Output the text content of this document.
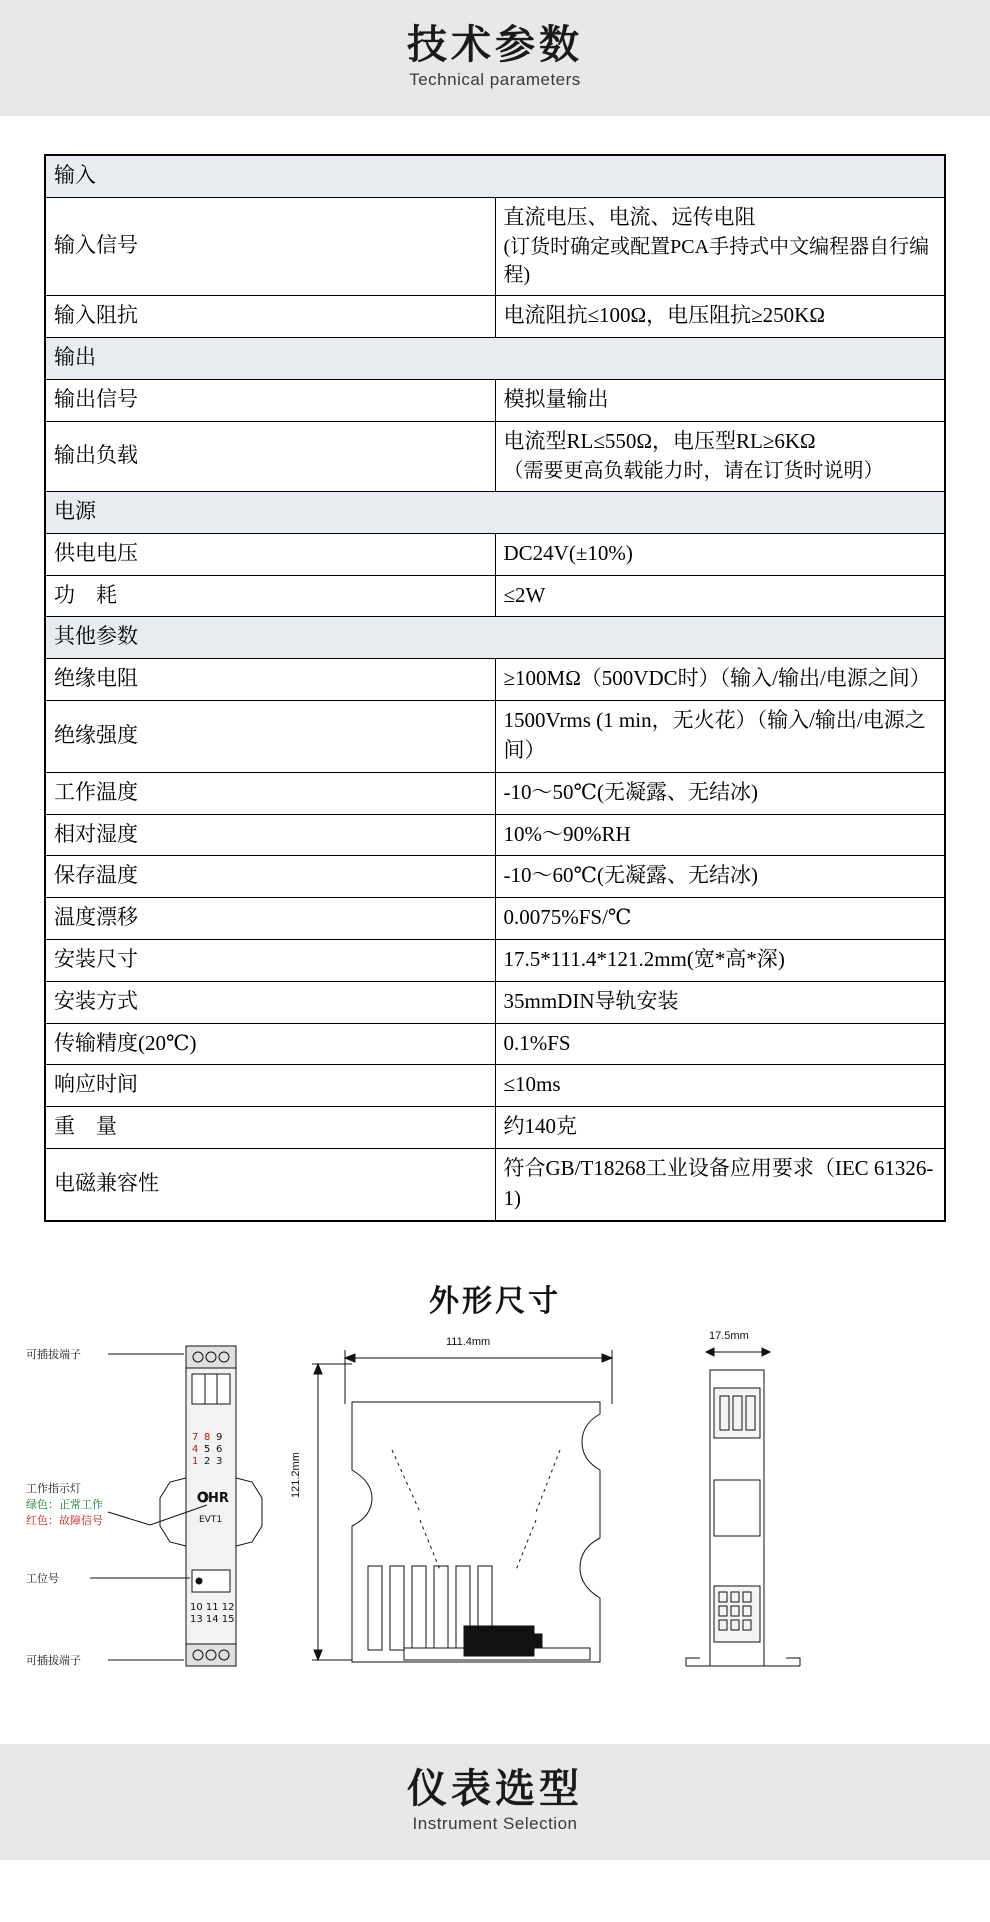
技术参数
Technical parameters
输入	
输入信号	直流电压、电流、远传电阻
(订货时确定或配置PCA手持式中文编程器自行编程)

输入阻抗	电流阻抗≤100Ω，电压阻抗≥250KΩ
输出	
输出信号	模拟量输出
输出负载	电流型RL≤550Ω，电压型RL≥6KΩ
（需要更高负载能力时，请在订货时说明）

电源	
供电电压	DC24V(±10%)
功　耗	≤2W
其他参数	
绝缘电阻	≥100MΩ（500VDC时）（输入/输出/电源之间）
绝缘强度	1500Vrms (1 min，无火花）（输入/输出/电源之间）
工作温度	-10～50℃(无凝露、无结冰)
相对湿度	10%～90%RH
保存温度	-10～60℃(无凝露、无结冰)
温度漂移	0.0075%FS/℃
安装尺寸	17.5*111.4*121.2mm(宽*高*深)
安装方式	35mmDIN导轨安装
传输精度(20℃)	0.1%FS
响应时间	≤10ms
重　量	约140克
电磁兼容性	符合GB/T18268工业设备应用要求（IEC 61326-1)
外形尺寸
7 8 9
4 5 6
1 2 3
10 11 12
13 14 15
OHR
EVT1
可插拔端子
可插拔端子
工作指示灯
绿色：正常工作
红色：故障信号
工位号
111.4mm
121.2mm
17.5mm
仪表选型
Instrument Selection
